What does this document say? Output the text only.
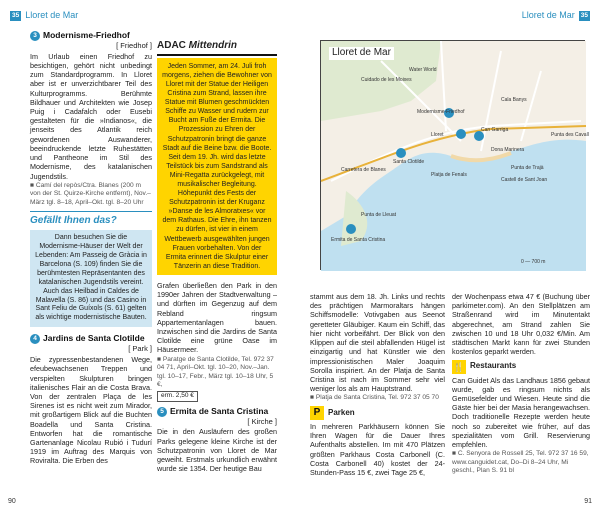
35 Lloret de Mar
3 Modernisme-Friedhof
[ Friedhof ]

Im Urlaub einen Friedhof zu besichtigen, gehört nicht unbedingt zum Standardprogramm. In Lloret aber ist er unverzichtbarer Teil des Kulturprogramms. Berühmte Bildhauer und Architekten wie Josep Puig i Cadafalch oder Eusebi gestalteten für die »Indianos«, die jenseits des Atlantik reich gewordenen Auswanderer, beeindruckende letzte Ruhestätten und Pantheone im Stil des Modernisme, des katalanischen Jugendstils.

■ Camí del repòs/Ctra. Blanes (200 m von der St. Quirze-Kirche entfernt), Nov.–März tgl. 8–18, April–Okt. tgl. 8–20 Uhr

Gefällt Ihnen das?
Dann besuchen Sie die Modernisme-Häuser der Welt der Lebenden: Am Passeig de Gràcia in Barcelona (S. 109) finden Sie die berühmtesten Repräsentanten des katalanischen Jugendstils vereint. Auch das Heilbad in Caldes de Malavella (S. 86) und das Casino in Sant Feliu de Guíxols (S. 61) gelten als wichtige modernistische Bauten.
4 Jardins de Santa Clotilde
[ Park ]

Die zypressenbestandenen Wege, efeubewachsenen Treppen und verspielten Skulpturen bringen italienisches Flair an die Costa Brava. Von der zentralen Plaça de les Sirenes ist es nicht weit zum Mirador, mit großartigem Blick auf die Buchten Boadella und Santa Cristina. Entworfen hat die romantische Gartenanlage Nicolau Rubió i Tudurí 1919 im Auftrag des Marquis von Roviralta. Die Erben des

ADAC Mittendrin
Jeden Sommer, am 24. Juli froh morgens, ziehen die Bewohner von Lloret mit der Statue der Heiligen Cristina zum Strand, lassen ihre Statue mit Blumen geschmückten Schiffe zu Wasser und rudern zur Bucht am Fuße der Ermita. Die Prozession zu Ehren der Schutzpatronin bringt die ganze Stadt auf die Beine bzw. die Boote. Seit dem 19. Jh. wird das letzte Teilstück bis zum Sandstrand als Mini-Regatta zurückgelegt, mit musikalischer Begleitung. Höhepunkt des Fests der Schutzpatronin ist der Kruganz »Danse de les Almoratxes« vor dem Rathaus. Die Ehre, ihn tanzen zu dürfen, ist vier in einem Wettbewerb ausgewählten jungen Frauen vorbehalten. Von der Ermita erinnert die Skulptur einer Tänzerin an diese Tradition.

Grafen überließen den Park in den 1990er Jahren der Stadtverwaltung – und dürften im Gegenzug auf dem Rebland ringsum Appartementanlagen bauen. Inzwischen sind die Jardins de Santa Clotilde eine grüne Oase im Häusermeer.

■ Paratge de Santa Clotilde, Tel. 972 37 04 71, April–Okt. tgl. 10–20, Nov.–Jan. tgl. 10–17, Febr., März tgl. 10–18 Uhr, 5 €,

erm. 2,50 €
5 Ermita de Santa Cristina
[ Kirche ]

Die in den Ausläufern des großen Parks gelegene kleine Kirche ist der Schutzpatronin von Lloret de Mar geweiht. Erstmals urkundlich erwähnt wurde sie 1354. Der heutige Bau

90
Lloret de Mar 35

stammt aus dem 18. Jh. Links und rechts des prächtigen Marmoraltars hängen Schiffsmodelle: Votivgaben aus Seenot geretteter Gläubiger. Kaum ein Schiff, das hier nicht vorbeifährt. Der Blick von den Klippen auf die steil abfallenden Hügel ist einzigartig und hat Künstler wie den impressionistischen Maler Joaquim Sorolla inspiriert. An der Platja de Santa Cristina ist nach im Sommer sehr viel weniger los als am Hauptstrand.

■ Platja de Santa Cristina, Tel. 972 37 05 70

P Parken

In mehreren Parkhäusern können Sie Ihren Wagen für die Dauer Ihres Aufenthalts abstellen. Im mit 470 Plätzen größten Parkhaus Costa Carbonell (C. Costa Carbonell 40) kostet der 24-Stunden-Pass 15 €, zwei Tage 25 €,

der Wochenpass etwa 47 € (Buchung über parkimeter.com). An den Stellplätzen am Straßenrand wird im Minutentakt abgerechnet, am Strand zahlen Sie zwischen 10 und 18 Uhr 0,032 €/Min. Am städtischen Markt kann für zwei Stunden kostenlos geparkt werden.

🍴 Restaurants

Can Guidet Als das Landhaus 1856 gebaut wurde, gab es ringsum nichts als Gemüsefelder und Wiesen. Heute sind die Gäste hier bei der Masia herangewachsen. Doch traditionelle Rezepte werden heute noch so zubereitet wie früher, auf das spezialitäten vom Grill. Reservierung empfehlen.

■ C. Senyora de Rossell 25, Tel. 972 37 16 59, www.canguidet.cat, Do–Di 8–24 Uhr, Mi geschl., Plan S. 91 bl

91
Cuidado de les Moixes
Water World
Lloret
Modernisme-Friedhof
Can Garriga
Castell de Sant Joan
Dona Marinera
Santa Clotilde
Ermita de Santa Cristina
Platja de Fenals
Punta de Lleuat
Punta des Cavall
Punta de Trajà
Cala Banys
Carretera de Blanes
0 — 700 m
Lloret de Mar
